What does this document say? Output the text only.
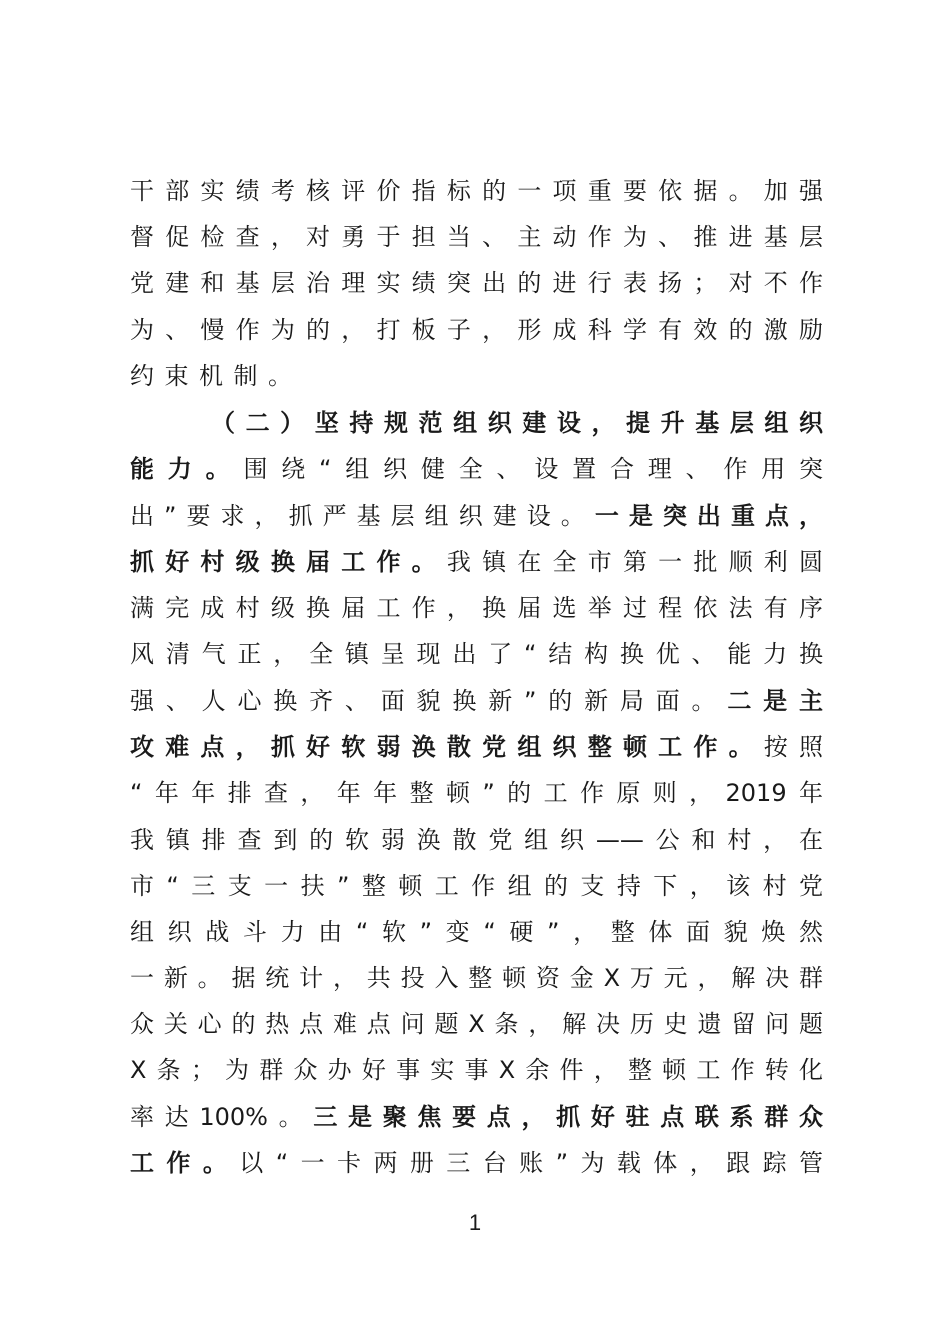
干部实绩考核评价指标的一项重要依据。加强
督促检查，对勇于担当、主动作为、推进基层
党建和基层治理实绩突出的进行表扬；对不作
为、慢作为的，打板子，形成科学有效的激励
约束机制。
（二）坚持规范组织建设，提升基层组织
能力。围绕“组织健全、设置合理、作用突
出”要求，抓严基层组织建设。一是突出重点，
抓好村级换届工作。我镇在全市第一批顺利圆
满完成村级换届工作，换届选举过程依法有序
风清气正，全镇呈现出了“结构换优、能力换
强、人心换齐、面貌换新”的新局面。二是主
攻难点，抓好软弱涣散党组织整顿工作。按照
“年年排查，年年整顿”的工作原则，2019年
我镇排查到的软弱涣散党组织——公和村，在
市“三支一扶”整顿工作组的支持下，该村党
组织战斗力由“软”变“硬”，整体面貌焕然
一新。据统计，共投入整顿资金X万元，解决群
众关心的热点难点问题X条，解决历史遗留问题
X条；为群众办好事实事X余件，整顿工作转化
率达100%。三是聚焦要点，抓好驻点联系群众
工作。以“一卡两册三台账”为载体，跟踪管
1
